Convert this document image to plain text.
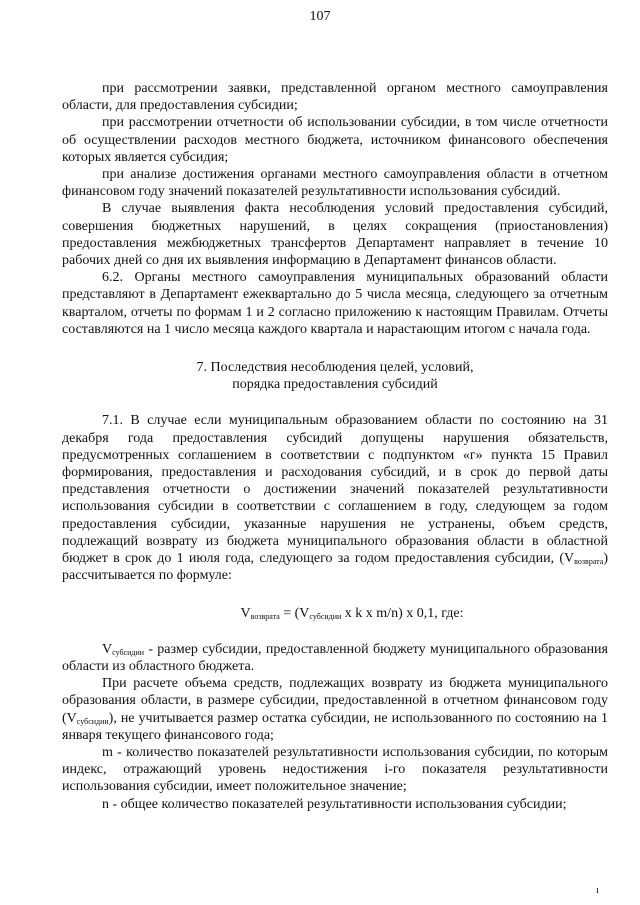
107

при рассмотрении заявки, представленной органом местного самоуправления области, для предоставления субсидии;

при рассмотрении отчетности об использовании субсидии, в том числе отчетности об осуществлении расходов местного бюджета, источником финансового обеспечения которых является субсидия;

при анализе достижения органами местного самоуправления области в отчетном финансовом году значений показателей результативности использования субсидий.

В случае выявления факта несоблюдения условий предоставления субсидий, совершения бюджетных нарушений, в целях сокращения (приостановления) предоставления межбюджетных трансфертов Департамент направляет в течение 10 рабочих дней со дня их выявления информацию в Департамент финансов области.

6.2. Органы местного самоуправления муниципальных образований области представляют в Департамент ежеквартально до 5 числа месяца, следующего за отчетным кварталом, отчеты по формам 1 и 2 согласно приложению к настоящим Правилам. Отчеты составляются на 1 число месяца каждого квартала и нарастающим итогом с начала года.

7. Последствия несоблюдения целей, условий,
порядка предоставления субсидий

7.1. В случае если муниципальным образованием области по состоянию на 31 декабря года предоставления субсидий допущены нарушения обязательств, предусмотренных соглашением в соответствии с подпунктом «г» пункта 15 Правил формирования, предоставления и расходования субсидий, и в срок до первой даты представления отчетности о достижении значений показателей результативности использования субсидии в соответствии с соглашением в году, следующем за годом предоставления субсидии, указанные нарушения не устранены, объем средств, подлежащий возврату из бюджета муниципального образования области в областной бюджет в срок до 1 июля года, следующего за годом предоставления субсидии, $(V_{возврата})$ рассчитывается по формуле:

$V_{возврата} = (V_{субсидии}$ x k x m/n) x 0,1, где:

$V_{субсидии}$ - размер субсидии, предоставленной бюджету муниципального образования области из областного бюджета.

При расчете объема средств, подлежащих возврату из бюджета муниципального образования области, в размере субсидии, предоставленной в отчетном финансовом году $(V_{субсидии})$, не учитывается размер остатка субсидии, не использованного по состоянию на 1 января текущего финансового года;

m - количество показателей результативности использования субсидии, по которым индекс, отражающий уровень недостижения i-го показателя результативности использования субсидии, имеет положительное значение;

n - общее количество показателей результативности использования субсидии;

ı
